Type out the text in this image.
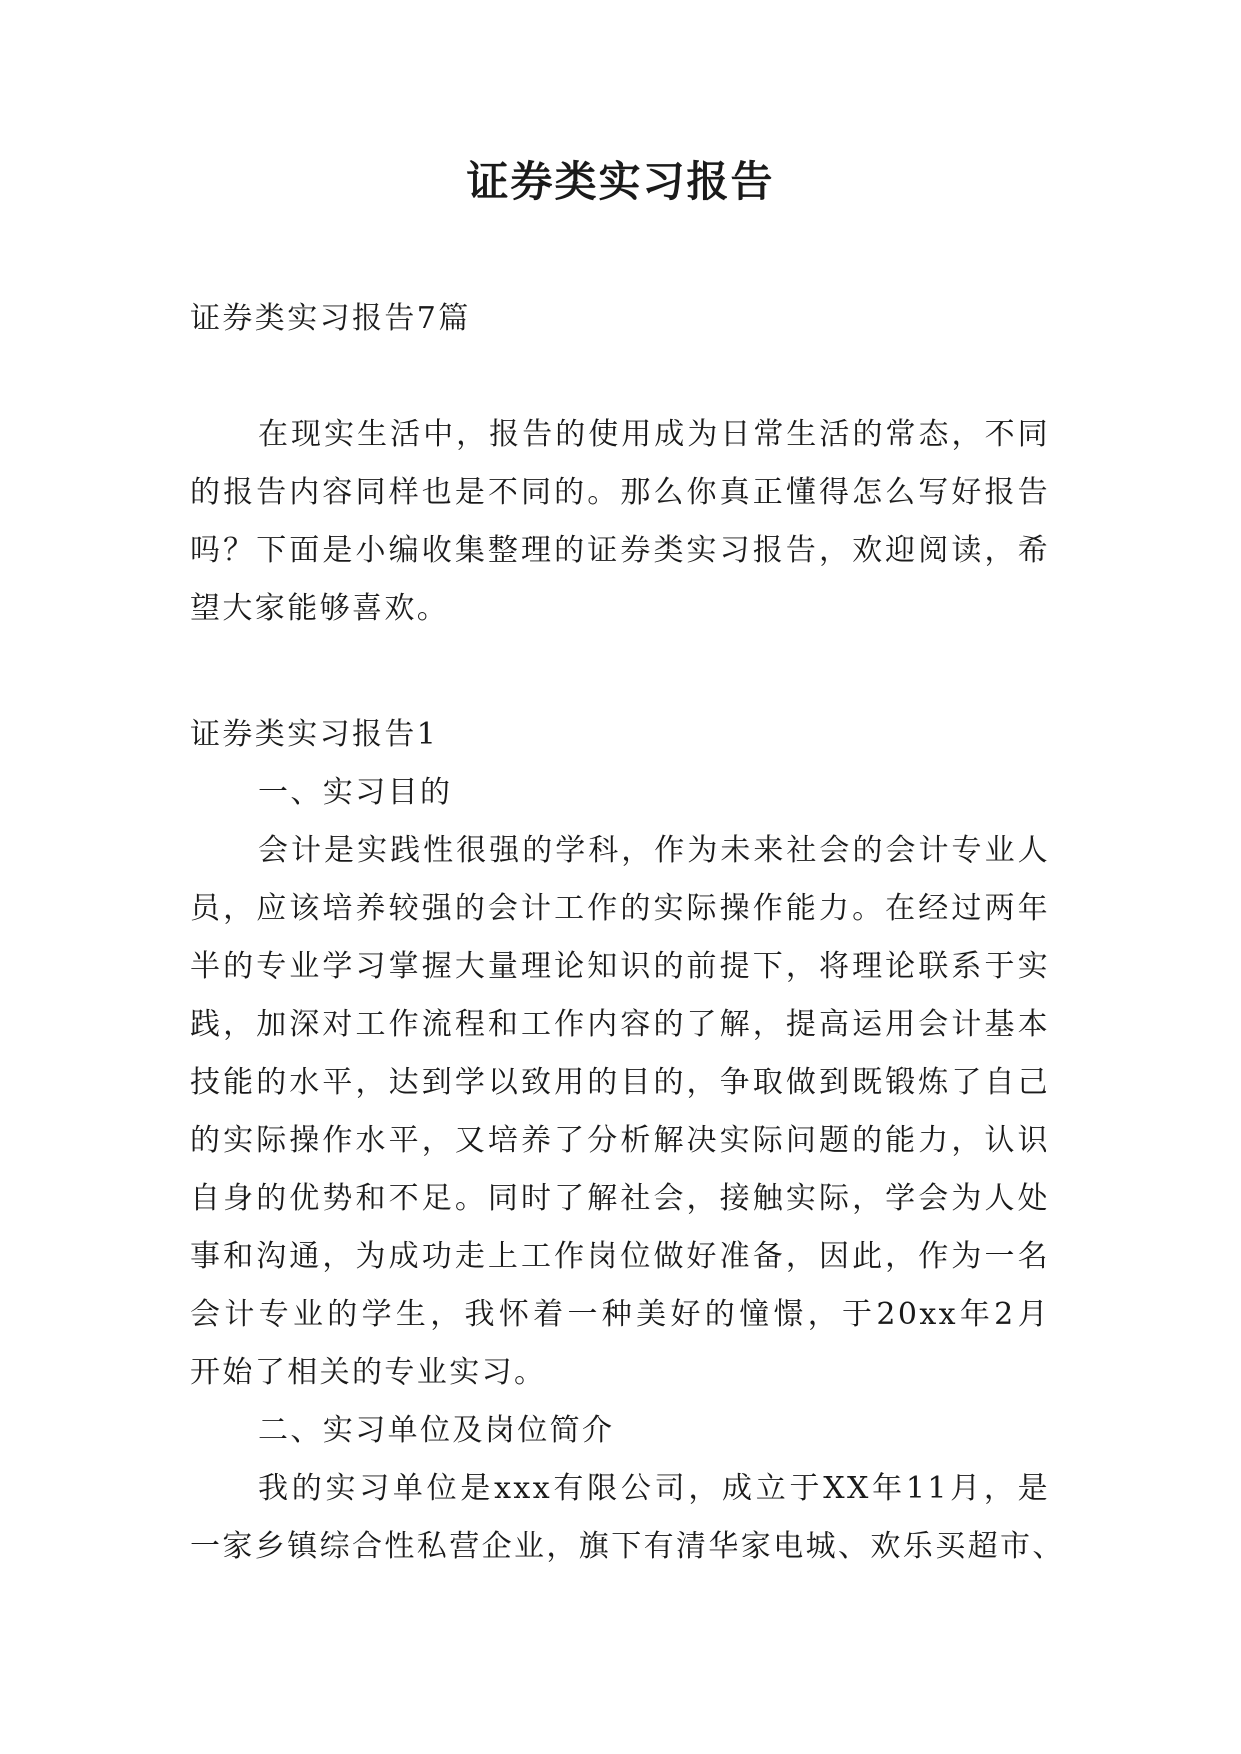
证券类实习报告
证券类实习报告7篇
在现实生活中，报告的使用成为日常生活的常态，不同
的报告内容同样也是不同的。那么你真正懂得怎么写好报告
吗？下面是小编收集整理的证券类实习报告，欢迎阅读，希
望大家能够喜欢。
证券类实习报告1
一、实习目的
会计是实践性很强的学科，作为未来社会的会计专业人
员，应该培养较强的会计工作的实际操作能力。在经过两年
半的专业学习掌握大量理论知识的前提下，将理论联系于实
践，加深对工作流程和工作内容的了解，提高运用会计基本
技能的水平，达到学以致用的目的，争取做到既锻炼了自己
的实际操作水平，又培养了分析解决实际问题的能力，认识
自身的优势和不足。同时了解社会，接触实际，学会为人处
事和沟通，为成功走上工作岗位做好准备，因此，作为一名
会计专业的学生，我怀着一种美好的憧憬，于20xx年2月
开始了相关的专业实习。
二、实习单位及岗位简介
我的实习单位是xxx有限公司，成立于XX年11月，是
一家乡镇综合性私营企业，旗下有清华家电城、欢乐买超市、
